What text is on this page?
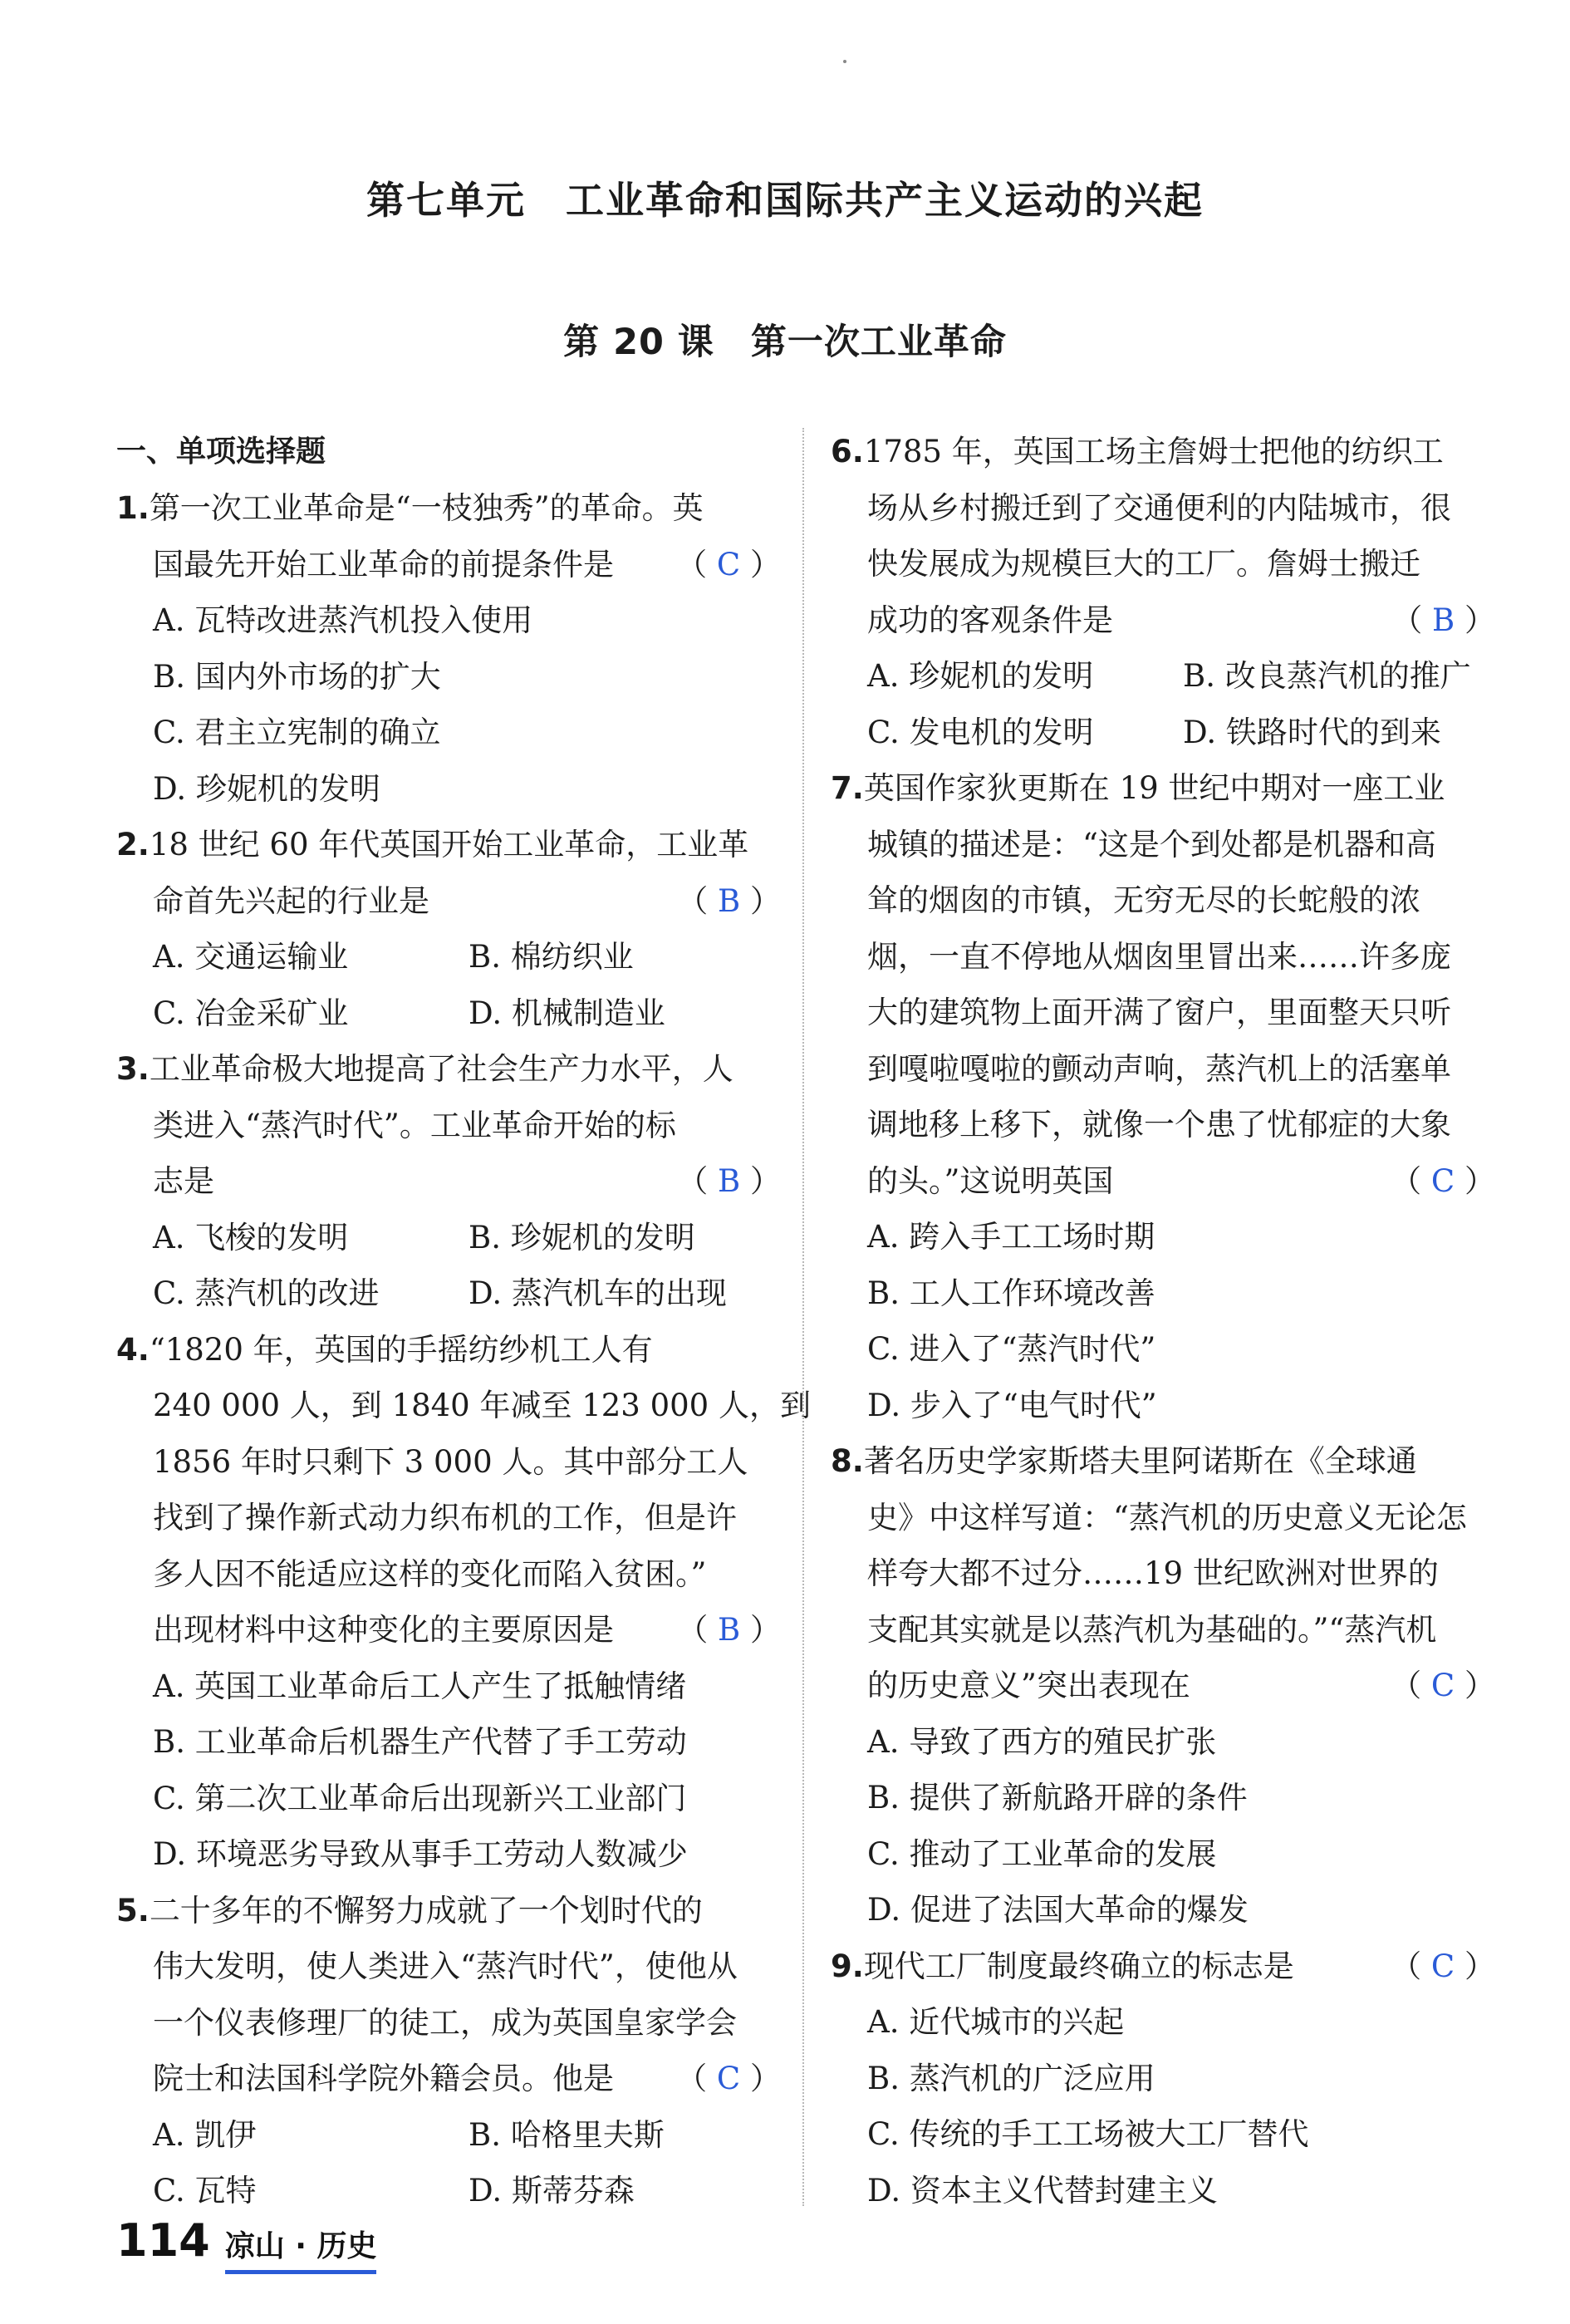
第七单元　工业革命和国际共产主义运动的兴起
第 20 课　第一次工业革命
一、单项选择题
1.第一次工业革命是“一枝独秀”的革命。英
国最先开始工业革命的前提条件是 （ C ）
A. 瓦特改进蒸汽机投入使用
B. 国内外市场的扩大
C. 君主立宪制的确立
D. 珍妮机的发明
2.18 世纪 60 年代英国开始工业革命，工业革
命首先兴起的行业是	（ B ）
A. 交通运输业	B. 棉纺织业
C. 冶金采矿业	D. 机械制造业
3.工业革命极大地提高了社会生产力水平，人
类进入“蒸汽时代”。工业革命开始的标
志是	（ B ）
A. 飞梭的发明	B. 珍妮机的发明
C. 蒸汽机的改进	D. 蒸汽机车的出现
4.“1820 年，英国的手摇纺纱机工人有
240 000 人，到 1840 年减至 123 000 人，到
1856 年时只剩下 3 000 人。其中部分工人
找到了操作新式动力织布机的工作，但是许
多人因不能适应这样的变化而陷入贫困。”
出现材料中这种变化的主要原因是 （ B ）
A. 英国工业革命后工人产生了抵触情绪
B. 工业革命后机器生产代替了手工劳动
C. 第二次工业革命后出现新兴工业部门
D. 环境恶劣导致从事手工劳动人数减少
5.二十多年的不懈努力成就了一个划时代的
伟大发明，使人类进入“蒸汽时代”，使他从
一个仪表修理厂的徒工，成为英国皇家学会
院士和法国科学院外籍会员。他是 （ C ）
A. 凯伊	B. 哈格里夫斯
C. 瓦特	D. 斯蒂芬森
6.1785 年，英国工场主詹姆士把他的纺织工
场从乡村搬迁到了交通便利的内陆城市，很
快发展成为规模巨大的工厂。詹姆士搬迁
成功的客观条件是	（ B ）
A. 珍妮机的发明	B. 改良蒸汽机的推广
C. 发电机的发明	D. 铁路时代的到来
7.英国作家狄更斯在 19 世纪中期对一座工业
城镇的描述是：“这是个到处都是机器和高
耸的烟囱的市镇，无穷无尽的长蛇般的浓
烟，一直不停地从烟囱里冒出来……许多庞
大的建筑物上面开满了窗户，里面整天只听
到嘎啦嘎啦的颤动声响，蒸汽机上的活塞单
调地移上移下，就像一个患了忧郁症的大象
的头。”这说明英国	（ C ）
A. 跨入手工工场时期
B. 工人工作环境改善
C. 进入了“蒸汽时代”
D. 步入了“电气时代”
8.著名历史学家斯塔夫里阿诺斯在《全球通
史》中这样写道：“蒸汽机的历史意义无论怎
样夸大都不过分……19 世纪欧洲对世界的
支配其实就是以蒸汽机为基础的。”“蒸汽机
的历史意义”突出表现在	（ C ）
A. 导致了西方的殖民扩张
B. 提供了新航路开辟的条件
C. 推动了工业革命的发展
D. 促进了法国大革命的爆发
9.现代工厂制度最终确立的标志是	（ C ）
A. 近代城市的兴起
B. 蒸汽机的广泛应用
C. 传统的手工工场被大工厂替代
D. 资本主义代替封建主义
114 凉山 · 历史
